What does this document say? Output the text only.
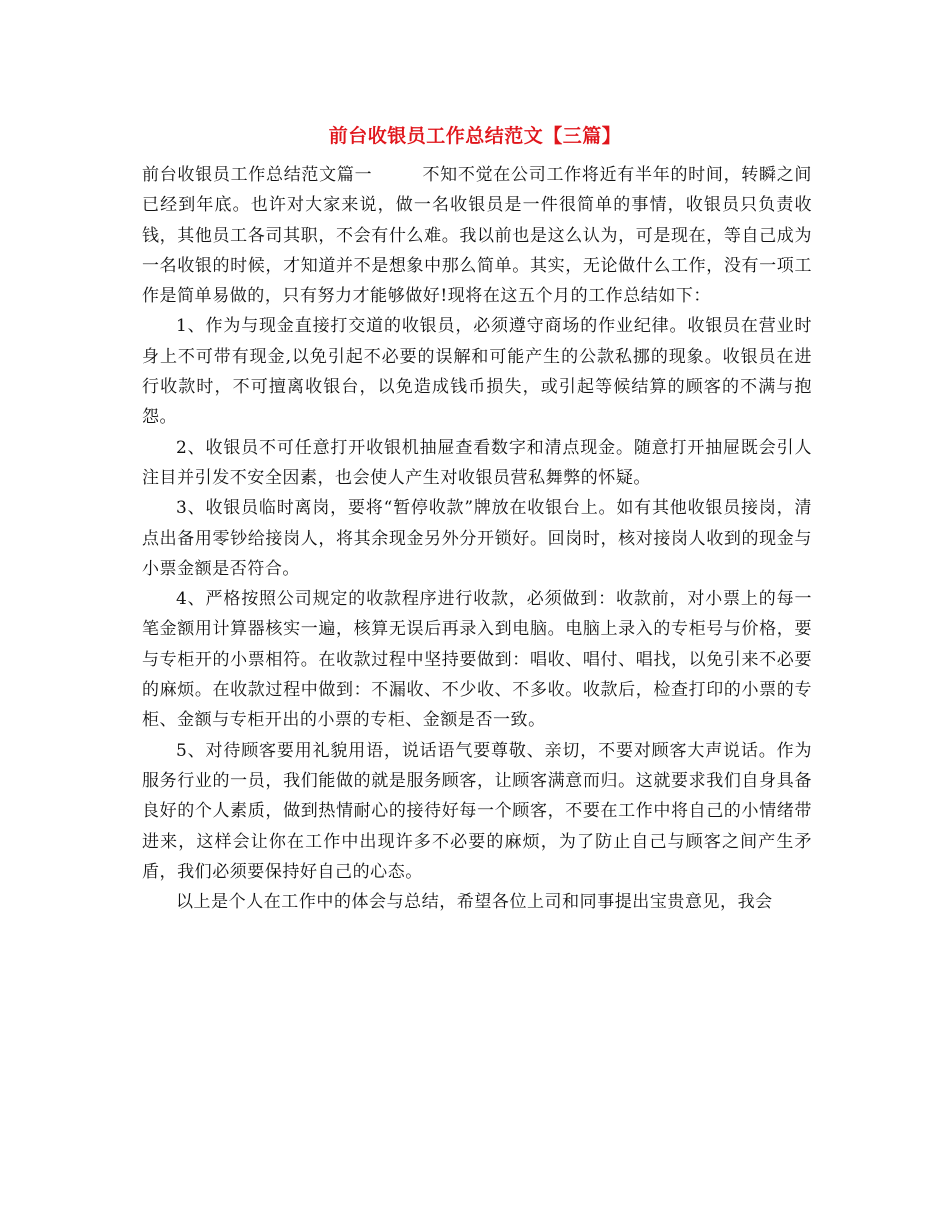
前台收银员工作总结范文【三篇】

前台收银员工作总结范文篇一	不知不觉在公司工作将近有半年的时间，转瞬之间已经到年底。也许对大家来说，做一名收银员是一件很简单的事情，收银员只负责收钱，其他员工各司其职，不会有什么难。我以前也是这么认为，可是现在，等自己成为一名收银的时候，才知道并不是想象中那么简单。其实，无论做什么工作，没有一项工作是简单易做的，只有努力才能够做好!现将在这五个月的工作总结如下：

1、作为与现金直接打交道的收银员，必须遵守商场的作业纪律。收银员在营业时身上不可带有现金,以免引起不必要的误解和可能产生的公款私挪的现象。收银员在进行收款时，不可擅离收银台，以免造成钱币损失，或引起等候结算的顾客的不满与抱怨。

2、收银员不可任意打开收银机抽屉查看数字和清点现金。随意打开抽屉既会引人注目并引发不安全因素，也会使人产生对收银员营私舞弊的怀疑。

3、收银员临时离岗，要将“暂停收款”牌放在收银台上。如有其他收银员接岗，清点出备用零钞给接岗人，将其余现金另外分开锁好。回岗时，核对接岗人收到的现金与小票金额是否符合。

4、严格按照公司规定的收款程序进行收款，必须做到：收款前，对小票上的每一笔金额用计算器核实一遍，核算无误后再录入到电脑。电脑上录入的专柜号与价格，要与专柜开的小票相符。在收款过程中坚持要做到：唱收、唱付、唱找，以免引来不必要的麻烦。在收款过程中做到：不漏收、不少收、不多收。收款后，检查打印的小票的专柜、金额与专柜开出的小票的专柜、金额是否一致。

5、对待顾客要用礼貌用语，说话语气要尊敬、亲切，不要对顾客大声说话。作为服务行业的一员，我们能做的就是服务顾客，让顾客满意而归。这就要求我们自身具备良好的个人素质，做到热情耐心的接待好每一个顾客，不要在工作中将自己的小情绪带进来，这样会让你在工作中出现许多不必要的麻烦，为了防止自己与顾客之间产生矛盾，我们必须要保持好自己的心态。

以上是个人在工作中的体会与总结，希望各位上司和同事提出宝贵意见，我会
